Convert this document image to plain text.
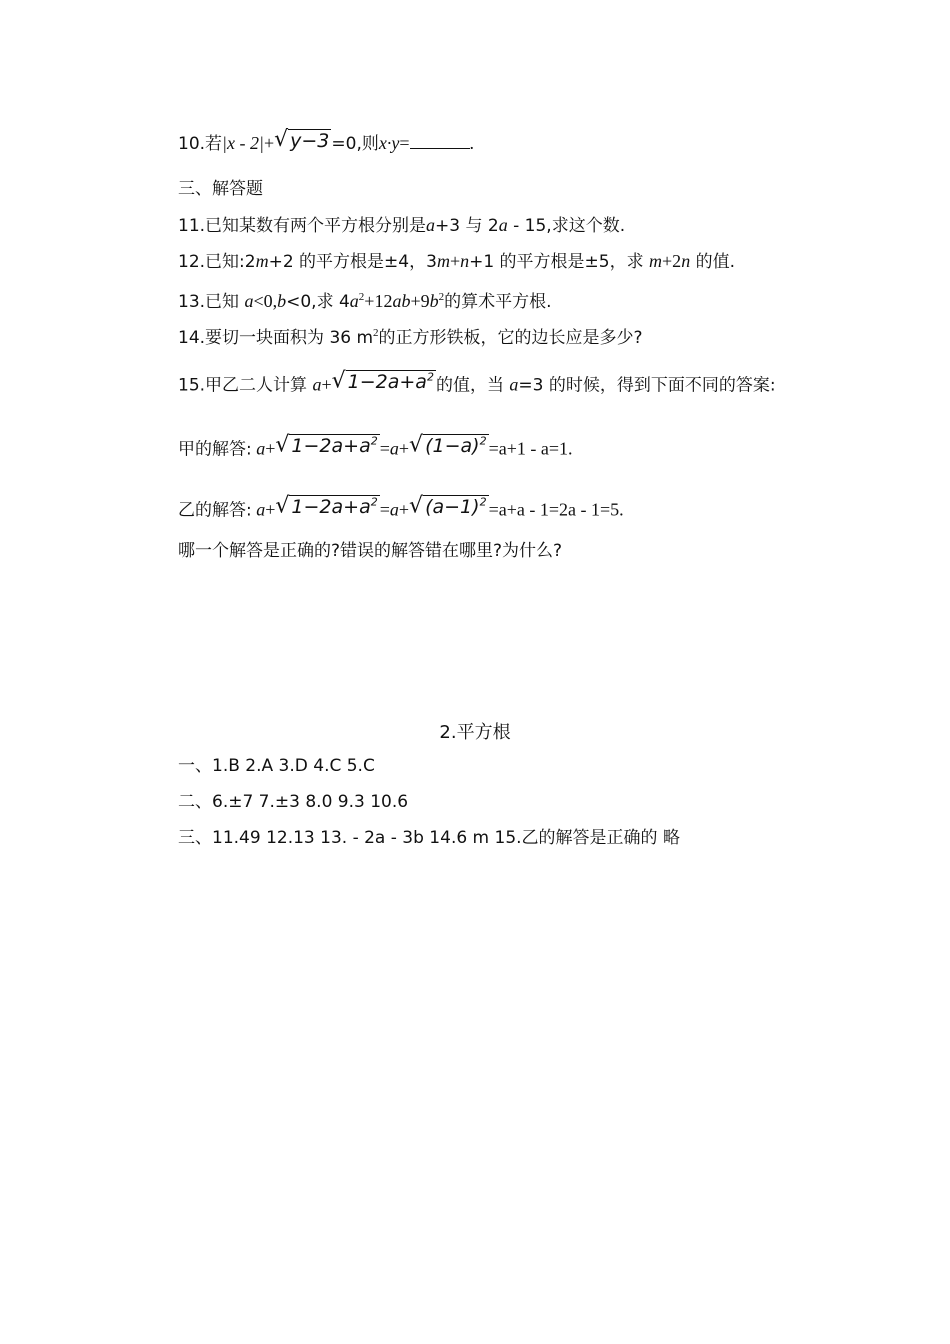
10.若|x - 2|+√ y−3 =0,则x·y=	.
三、解答题
11.已知某数有两个平方根分别是a+3 与 2a - 15,求这个数.
12.已知:2m+2 的平方根是±4，3m+n+1 的平方根是±5，求 m+2n 的值.
13.已知 a<0,b<0,求 $4a^2+12ab+9b^2$的算术平方根.
14.要切一块面积为 36 $m^2$的正方形铁板，它的边长应是多少?
15.甲乙二人计算 a+√ $1-2a+a^2$ 的值，当 a=3 的时候，得到下面不同的答案:
甲的解答: a+√ $1-2a+a^2 =a+√$ $(1-a)^2 =a+1 - a=1$.
乙的解答: a+√ $1-2a+a^2 =a+√$ $(a-1)^2 =a+a - 1=2a - 1=5$.
哪一个解答是正确的?错误的解答错在哪里?为什么?
2.平方根
一、1.B 2.A 3.D 4.C 5.C
二、6.±7 7.±3 8.0 9.3 10.6
三、11.49 12.13 13. - 2a - 3b 14.6 m 15.乙的解答是正确的 略
